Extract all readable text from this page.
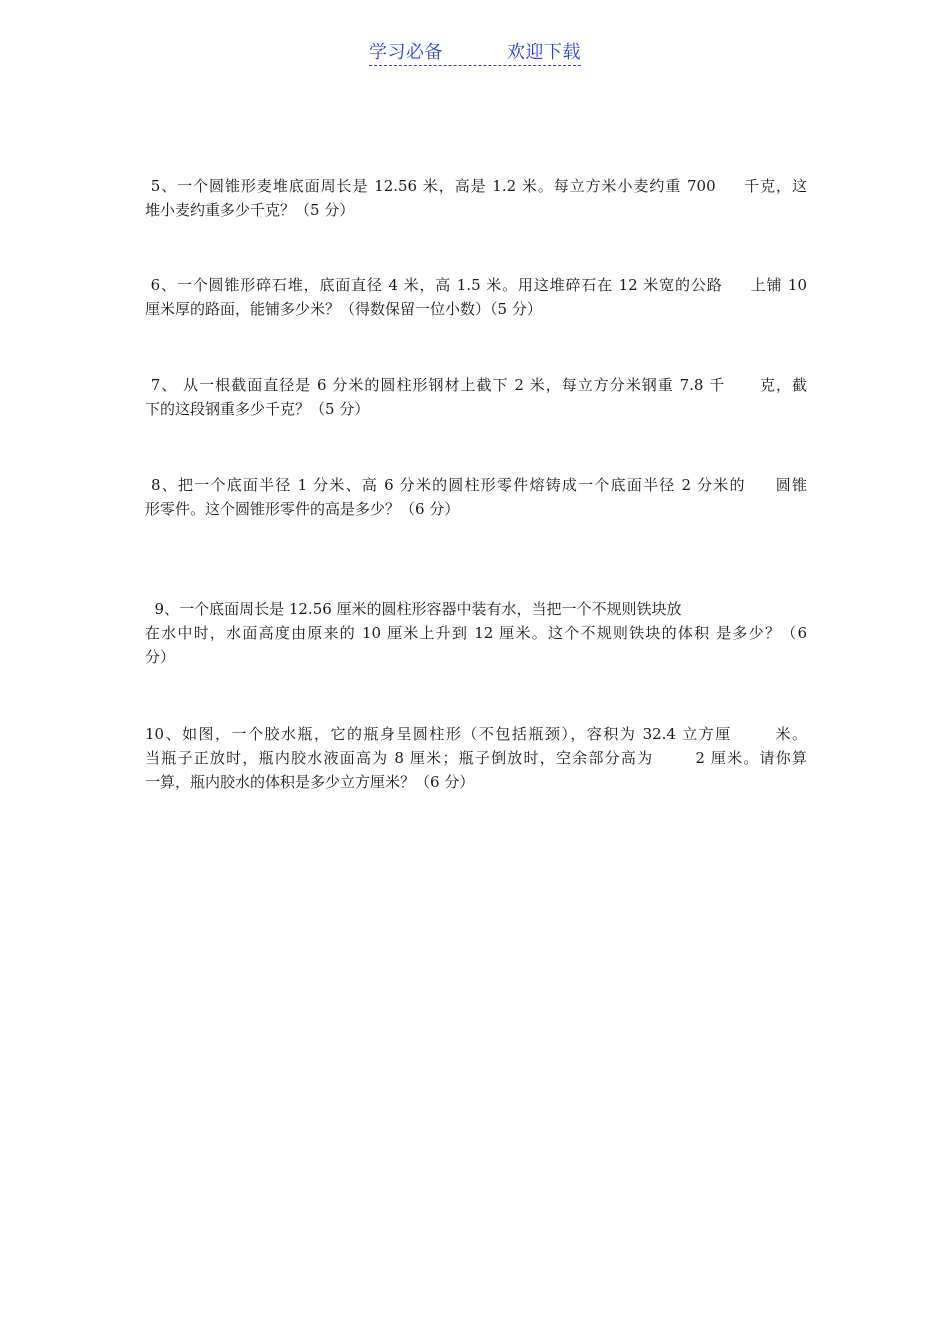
学习必备	欢迎下载
5、一个圆锥形麦堆底面周长是 12.56 米，高是 1.2 米。每立方米小麦约重 700     千克，这
堆小麦约重多少千克？（5 分）
6、一个圆锥形碎石堆，底面直径 4 米，高 1.5 米。用这堆碎石在 12 米宽的公路     上铺 10
厘米厚的路面，能铺多少米？（得数保留一位小数）（5 分）
7、 从一根截面直径是 6 分米的圆柱形钢材上截下 2 米，每立方分米钢重 7.8 千      克，截
下的这段钢重多少千克？（5 分）
8、把一个底面半径 1 分米、高 6 分米的圆柱形零件熔铸成一个底面半径 2 分米的     圆锥
形零件。这个圆锥形零件的高是多少？（6 分）
9、一个底面周长是 12.56 厘米的圆柱形容器中装有水，当把一个不规则铁块放
在水中时，水面高度由原来的 10 厘米上升到 12 厘米。这个不规则铁块的体积 是多少？（6
分）
10、如图，一个胶水瓶，它的瓶身呈圆柱形（不包括瓶颈），容积为 32.4 立方厘       米。
当瓶子正放时，瓶内胶水液面高为 8 厘米；瓶子倒放时，空余部分高为       2 厘米。请你算
一算，瓶内胶水的体积是多少立方厘米？（6 分）
